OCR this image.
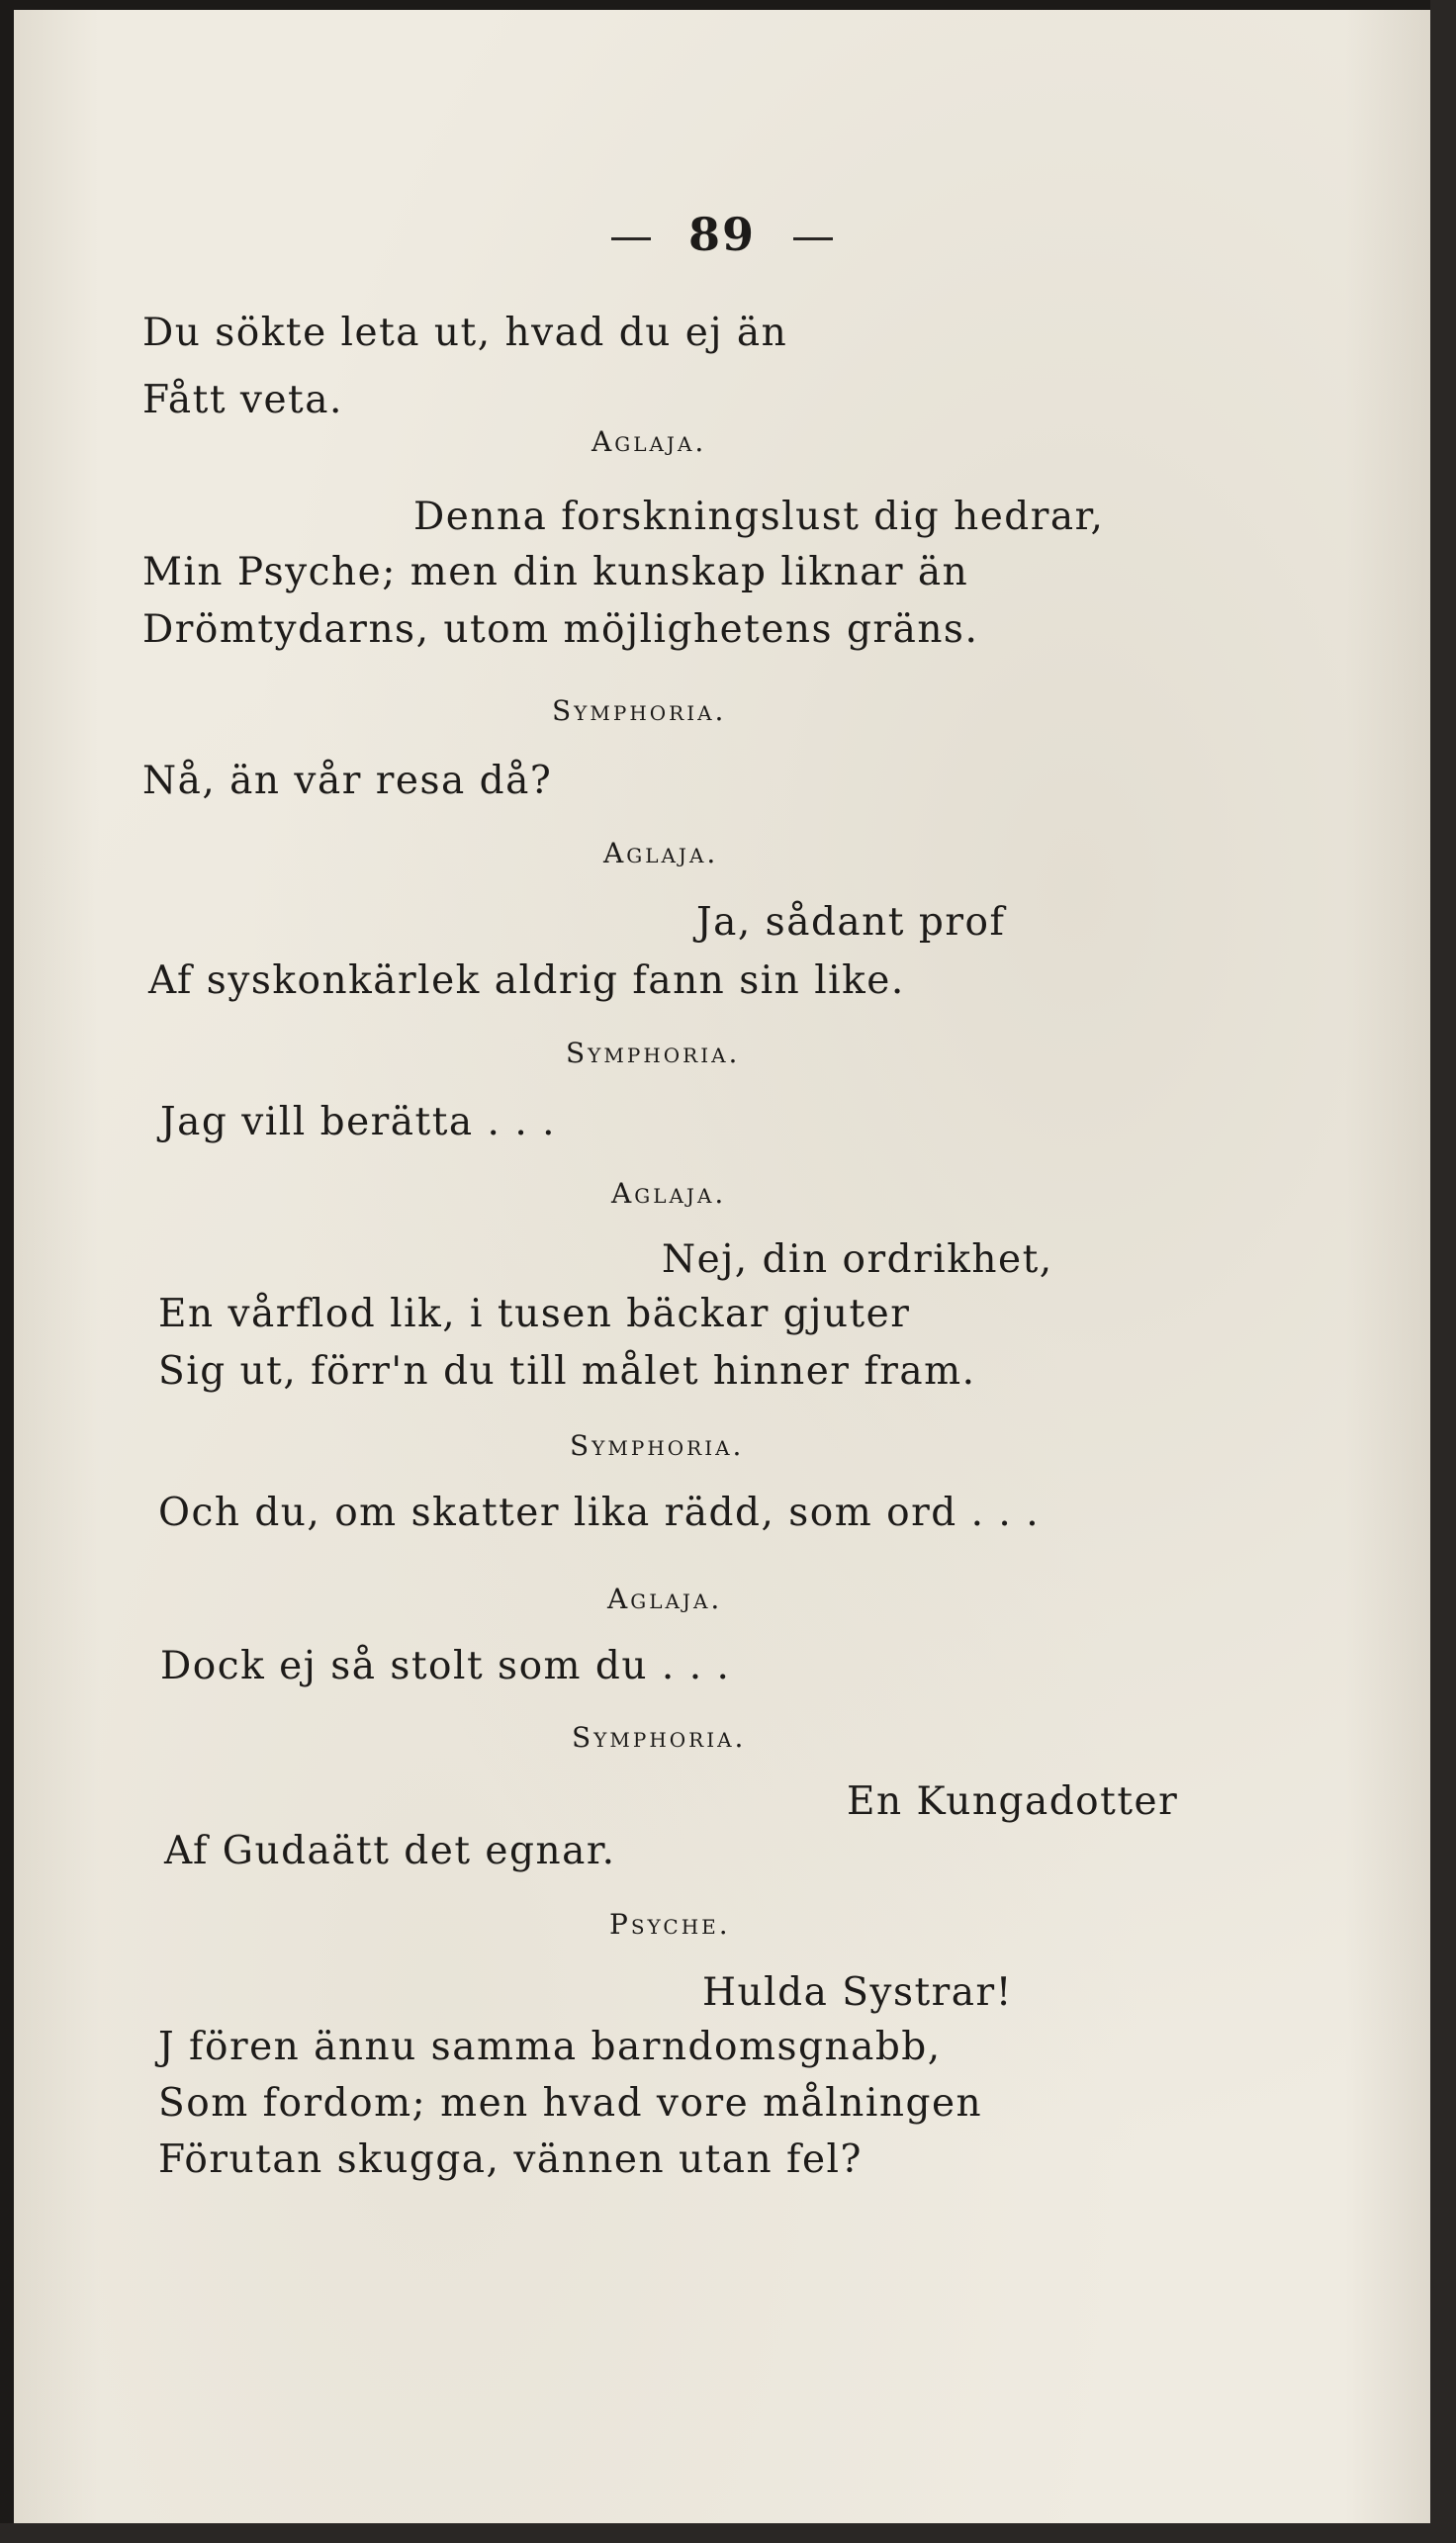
89
Du sökte leta ut, hvad du ej än
Fått veta.
Aglaja.
Denna forskningslust dig hedrar,
Min Psyche; men din kunskap liknar än
Drömtydarns, utom möjlighetens gräns.
Symphoria.
Nå, än vår resa då?
Aglaja.
Ja, sådant prof
Af syskonkärlek aldrig fann sin like.
Symphoria.
Jag vill berätta . . .
Aglaja.
Nej, din ordrikhet,
En vårflod lik, i tusen bäckar gjuter
Sig ut, förr'n du till målet hinner fram.
Symphoria.
Och du, om skatter lika rädd, som ord . . .
Aglaja.
Dock ej så stolt som du . . .
Symphoria.
En Kungadotter
Af Gudaätt det egnar.
Psyche.
Hulda Systrar!
J fören ännu samma barndomsgnabb,
Som fordom; men hvad vore målningen
Förutan skugga, vännen utan fel?
